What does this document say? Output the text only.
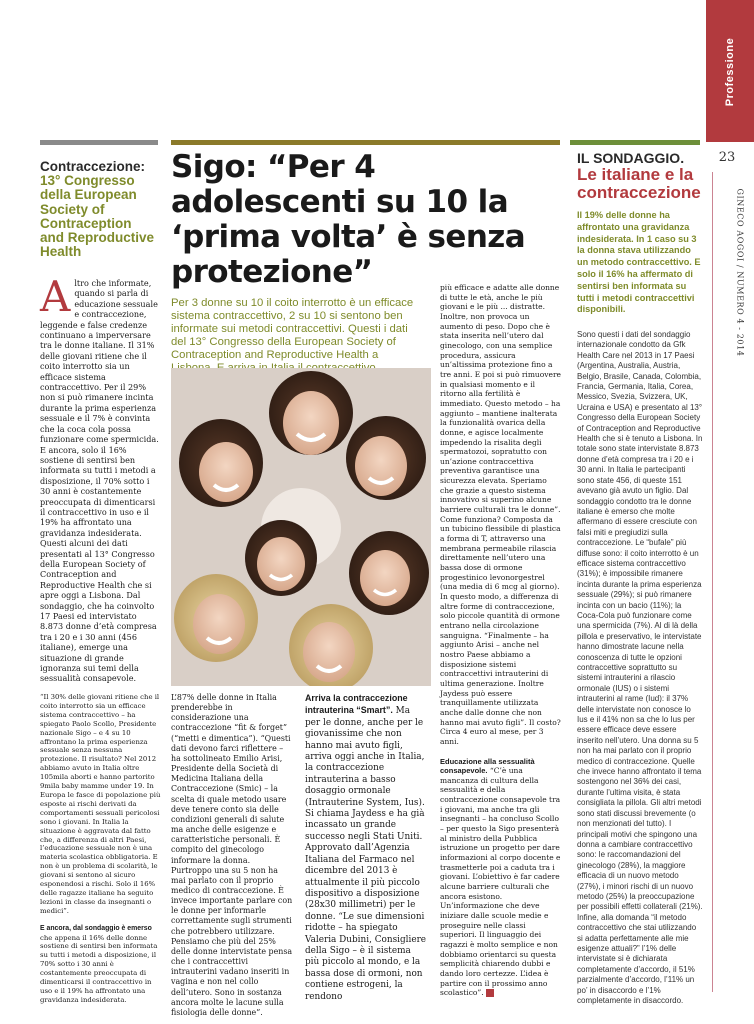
Professione
23
GINECO AOGOI / NUMERO 4 - 2014
Contraccezione:
13° Congresso della European Society of Contraception and Reproductive Health
Sigo: “Per 4 adolescenti su 10 la ‘prima volta’ è senza protezione”
Per 3 donne su 10 il coito interrotto è un efficace sistema contraccettivo, 2 su 10 si sentono ben informate sui metodi contraccettivi. Questi i dati del 13° Congresso della European Society of Contraception and Reproductive Health a
A ltro che informate, quando si parla di educazione sessuale e contraccezione, leggende e false credenze continuano a imperversare tra le donne italiane. Il 31% delle giovani ritiene che il coito interrotto sia un efficace sistema contraccettivo. Per il 29% non si può rimanere incinta durante la prima esperienza sessuale e il 7% è convinta che la coca cola possa funzionare come spermicida. E ancora, solo il 16% sostiene di sentirsi ben informata su tutti i metodi a disposizione, il 70% sotto i 30 anni è costantemente preoccupata di dimenticarsi il contraccettivo in uso e il 19% ha affrontato una gravidanza indesiderata. Questi alcuni dei dati presentati al 13° Congresso della European Society of Contraception and Reproductive Health che si apre oggi a Lisbona. Dal sondaggio, che ha coinvolto 17 Paesi ed intervistato 8.873 donne d’età compresa tra i 20 e i 30 anni (456 italiane), emerge una situazione di grande ignoranza sui temi della sessualità consapevole.

“Il 30% delle giovani ritiene che il coito interrotto sia un efficace sistema contraccettivo – ha spiegato Paolo Scollo, Presidente nazionale Sigo – e 4 su 10 affrontano la prima esperienza sessuale senza nessuna protezione. Il risultato? Nel 2012 abbiamo avuto in Italia oltre 105mila aborti e hanno partorito 9mila baby mamme under 19. In Europa le fasce di popolazione più esposte ai rischi derivati da comportamenti sessuali pericolosi sono i giovani. In Italia la situazione è aggravata dal fatto che, a differenza di altri Paesi, l’educazione sessuale non è una materia scolastica obbligatoria. E non è un problema di scolarità, le giovani si sentono al sicuro esponendosi a rischi. Solo il 16% delle ragazze italiane ha seguito lezioni in classe da insegnanti o medici”.

E ancora, dal sondaggio è emerso che appena il 16% delle donne sostiene di sentirsi ben informata su tutti i metodi a disposizione, il 70% sotto i 30 anni è costantemente preoccupata di dimenticarsi il contraccettivo in uso e il 19% ha affrontato una gravidanza indesiderata.

L’87% delle donne in Italia prenderebbe in considerazione una contraccezione “fit & forget” (“metti e dimentica”). “Questi dati devono farci riflettere – ha sottolineato Emilio Arisi, Presidente della Società di Medicina Italiana della Contraccezione (Smic) – la scelta di quale metodo usare deve tenere conto sia delle condizioni generali di salute ma anche delle esigenze e caratteristiche personali. È compito del ginecologo informare la donna. Purtroppo una su 5 non ha mai parlato con il proprio medico di contraccezione. È invece importante parlare con le donne per informarle correttamente sugli strumenti che potrebbero utilizzare. Pensiamo che più del 25% delle donne intervistate pensa che i contraccettivi intrauterini vadano inseriti in vagina e non nel collo dell’utero. Sono in sostanza ancora molte le lacune sulla fisiologia delle donne”.

Arriva la contraccezione intrauterina “Smart”. Ma per le donne, anche per le giovanissime che non hanno mai avuto figli, arriva oggi anche in Italia, la contraccezione intrauterina a basso dosaggio ormonale (Intrauterine System, Ius). Si chiama Jaydess e ha già incassato un grande successo negli Stati Uniti. Approvato dall’Agenzia Italiana del Farmaco nel dicembre del 2013 è attualmente il più piccolo dispositivo a disposizione (28x30 millimetri) per le donne. “Le sue dimensioni ridotte – ha spiegato Valeria Dubini, Consigliere della Sigo – è il sistema più piccolo al mondo, e la bassa dose di ormoni, non contiene estrogeni, la rendono

più efficace e adatte alle donne di tutte le età, anche le più giovani e le più ... distratte. Inoltre, non provoca un aumento di peso. Dopo che è stata inserita nell’utero dal ginecologo, con una semplice procedura, assicura un’altissima protezione fino a tre anni. E poi si può rimuovere in qualsiasi momento e il ritorno alla fertilità è immediato. Questo metodo – ha aggiunto – mantiene inalterata la funzionalità ovarica della donne, e agisce localmente impedendo la risalita degli spermatozoi, sopratutto con un’azione contraccettiva preventiva garantisce una sicurezza elevata. Speriamo che grazie a questo sistema innovativo si superino alcune barriere culturali tra le donne”. Come funziona? Composta da un tubicino flessibile di plastica a forma di T, attraverso una membrana permeabile rilascia direttamente nell’utero una bassa dose di ormone progestinico levonorgestrel (una media di 6 mcg al giorno). In questo modo, a differenza di altre forme di contraccezione, solo piccole quantità di ormone entrano nella circolazione sanguigna. “Finalmente – ha aggiunto Arisi – anche nel nostro Paese abbiamo a disposizione sistemi contraccettivi intrauterini di ultima generazione. Inoltre Jaydess può essere tranquillamente utilizzata anche dalle donne che non hanno mai avuto figli”. Il costo? Circa 4 euro al mese, per 3 anni.

Educazione alla sessualità consapevole. “C’è una mancanza di cultura della sessualità e della contraccezione consapevole tra i giovani, ma anche tra gli insegnanti – ha concluso Scollo – per questo la Sigo presenterà al ministro della Pubblica istruzione un progetto per dare informazioni al corpo docente e trasmetterle poi a caduta tra i giovani. L’obiettivo è far cadere alcune barriere culturali che ancora esistono. Un’informazione che deve iniziare dalle scuole medie e proseguire nelle classi superiori. Il linguaggio dei ragazzi è molto semplice e non dobbiamo orientarci su questa semplicità chiarendo dubbi e dando loro certezze. L’idea è partire con il prossimo anno scolastico”.

IL SONDAGGIO.
Le italiane e la contraccezione
Il 19% delle donne ha affrontato una gravidanza indesiderata. In 1 caso su 3 la donna stava utilizzando un metodo contraccettivo. E solo il 16% ha affermato di sentirsi ben informata su tutti i metodi contraccettivi disponibili.
Sono questi i dati del sondaggio internazionale condotto da Gfk Health Care nel 2013 in 17 Paesi (Argentina, Australia, Austria, Belgio, Brasile, Canada, Colombia, Francia, Germania, Italia, Corea, Messico, Svezia, Svizzera, UK, Ucraina e USA) e presentato al 13° Congresso della European Society of Contraception and Reproductive Health che si è tenuto a Lisbona. In totale sono state intervistate 8.873 donne d’età compresa tra i 20 e i 30 anni. In Italia le partecipanti sono state 456, di queste 151 avevano già avuto un figlio. Dal sondaggio condotto tra le donne italiane è emerso che molte affermano di essere cresciute con falsi miti e pregiudizi sulla contraccezione. Le “bufale” più diffuse sono: il coito interrotto è un efficace sistema contraccettivo (31%); è impossibile rimanere incinta durante la prima esperienza sessuale (29%); si può rimanere incinta con un bacio (11%); la Coca-Cola può funzionare come una spermicida (7%). Al di là della pillola e preservativo, le intervistate hanno dimostrate lacune nella conoscenza di tutte le opzioni contraccettive soprattutto su sistemi intrauterini a rilascio ormonale (IUS) o i sistemi intrauterini al rame (Iud): il 37% delle intervistate non conosce lo Ius e il 41% non sa che lo Ius per essere efficace deve essere inserito nell’utero. Una donna su 5 non ha mai parlato con il proprio medico di contraccezione. Quelle che invece hanno affrontato il tema sostengono nel 36% dei casi, durante l’ultima visita, è stata consigliata la pillola. Gli altri metodi sono stati discussi brevemente (o non menzionati del tutto). I principali motivi che spingono una donna a cambiare contraccettivo sono: le raccomandazioni del ginecologo (28%), la maggiore efficacia di un nuovo metodo (27%), i minori rischi di un nuovo metodo (25%) la preoccupazione per possibili effetti collaterali (21%). Infine, alla domanda “il metodo contraccettivo che stai utilizzando si adatta perfettamente alle mie esigenze attuali?” l’1% delle intervistate si è dichiarata completamente d’accordo, il 51% parzialmente d’accordo, l’11% un po’ in disaccordo e l’1% completamente in disaccordo.
